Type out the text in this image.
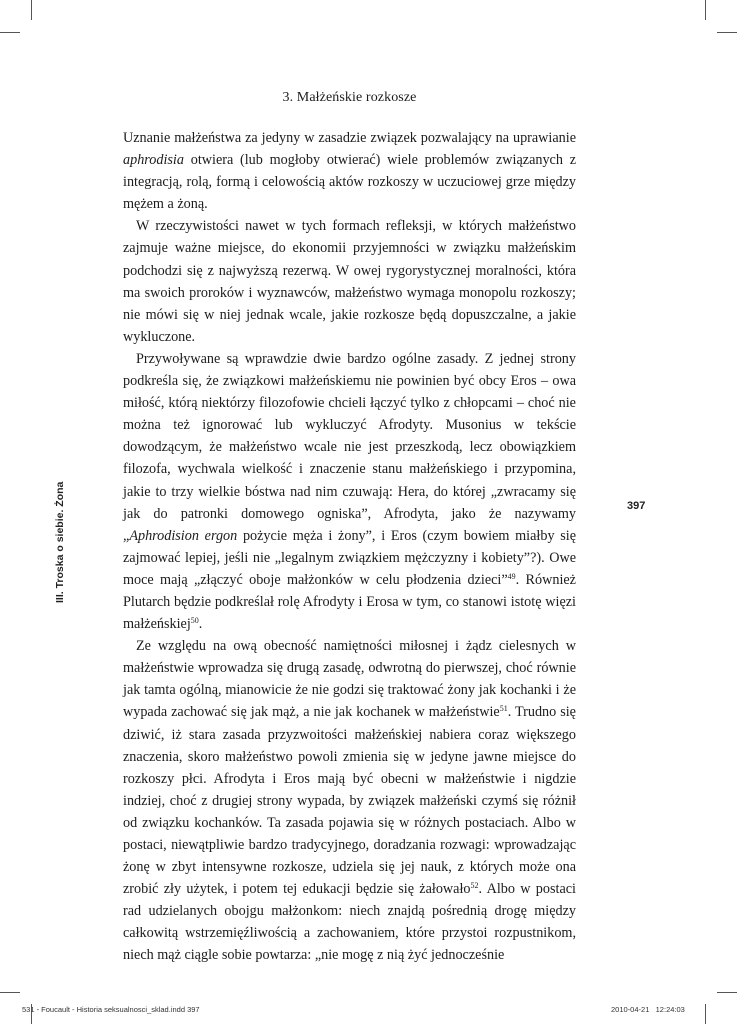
3. Małżeńskie rozkosze

Uznanie małżeństwa za jedyny w zasadzie związek pozwalający na uprawianie aphrodisia otwiera (lub mogłoby otwierać) wiele problemów związanych z integracją, rolą, formą i celowością aktów rozkoszy w uczuciowej grze między mężem a żoną.

W rzeczywistości nawet w tych formach refleksji, w których małżeństwo zajmuje ważne miejsce, do ekonomii przyjemności w związku małżeńskim podchodzi się z najwyższą rezerwą. W owej rygorystycznej moralności, która ma swoich proroków i wyznawców, małżeństwo wymaga monopolu rozkoszy; nie mówi się w niej jednak wcale, jakie rozkosze będą dopuszczalne, a jakie wykluczone.

Przywoływane są wprawdzie dwie bardzo ogólne zasady. Z jednej strony podkreśla się, że związkowi małżeńskiemu nie powinien być obcy Eros – owa miłość, którą niektórzy filozofowie chcieli łączyć tylko z chłopcami – choć nie można też ignorować lub wykluczyć Afrodyty. Musonius w tekście dowodzącym, że małżeństwo wcale nie jest przeszkodą, lecz obowiązkiem filozofa, wychwala wielkość i znaczenie stanu małżeńskiego i przypomina, jakie to trzy wielkie bóstwa nad nim czuwają: Hera, do której „zwracamy się jak do patronki domowego ogniska”, Afrodyta, jako że nazywamy „Aphrodision ergon pożycie męża i żony”, i Eros (czym bowiem miałby się zajmować lepiej, jeśli nie „legalnym związkiem mężczyzny i kobiety”?). Owe moce mają „złączyć oboje małżonków w celu płodzenia dzieci”$^{49}$. Również Plutarch będzie podkreślał rolę Afrodyty i Erosa w tym, co stanowi istotę więzi małżeńskiej$^{50}$.

Ze względu na ową obecność namiętności miłosnej i żądz cielesnych w małżeństwie wprowadza się drugą zasadę, odwrotną do pierwszej, choć równie jak tamta ogólną, mianowicie że nie godzi się traktować żony jak kochanki i że wypada zachować się jak mąż, a nie jak kochanek w małżeństwie$^{51}$. Trudno się dziwić, iż stara zasada przyzwoitości małżeńskiej nabiera coraz większego znaczenia, skoro małżeństwo powoli zmienia się w jedyne jawne miejsce do rozkoszy płci. Afrodyta i Eros mają być obecni w małżeństwie i nigdzie indziej, choć z drugiej strony wypada, by związek małżeński czymś się różnił od związku kochanków. Ta zasada pojawia się w różnych postaciach. Albo w postaci, niewątpliwie bardzo tradycyjnego, doradzania rozwagi: wprowadzając żonę w zbyt intensywne rozkosze, udziela się jej nauk, z których może ona zrobić zły użytek, i potem tej edukacji będzie się żałowało$^{52}$. Albo w postaci rad udzielanych obojgu małżonkom: niech znajdą pośrednią drogę między całkowitą wstrzemięźliwością a zachowaniem, które przystoi rozpustnikom, niech mąż ciągle sobie powtarza: „nie mogę z nią żyć jednocześnie

III. Troska o siebie. Żona	397
531 - Foucault - Historia seksualnosci_sklad.indd 397	2010-04-21 12:24:03
